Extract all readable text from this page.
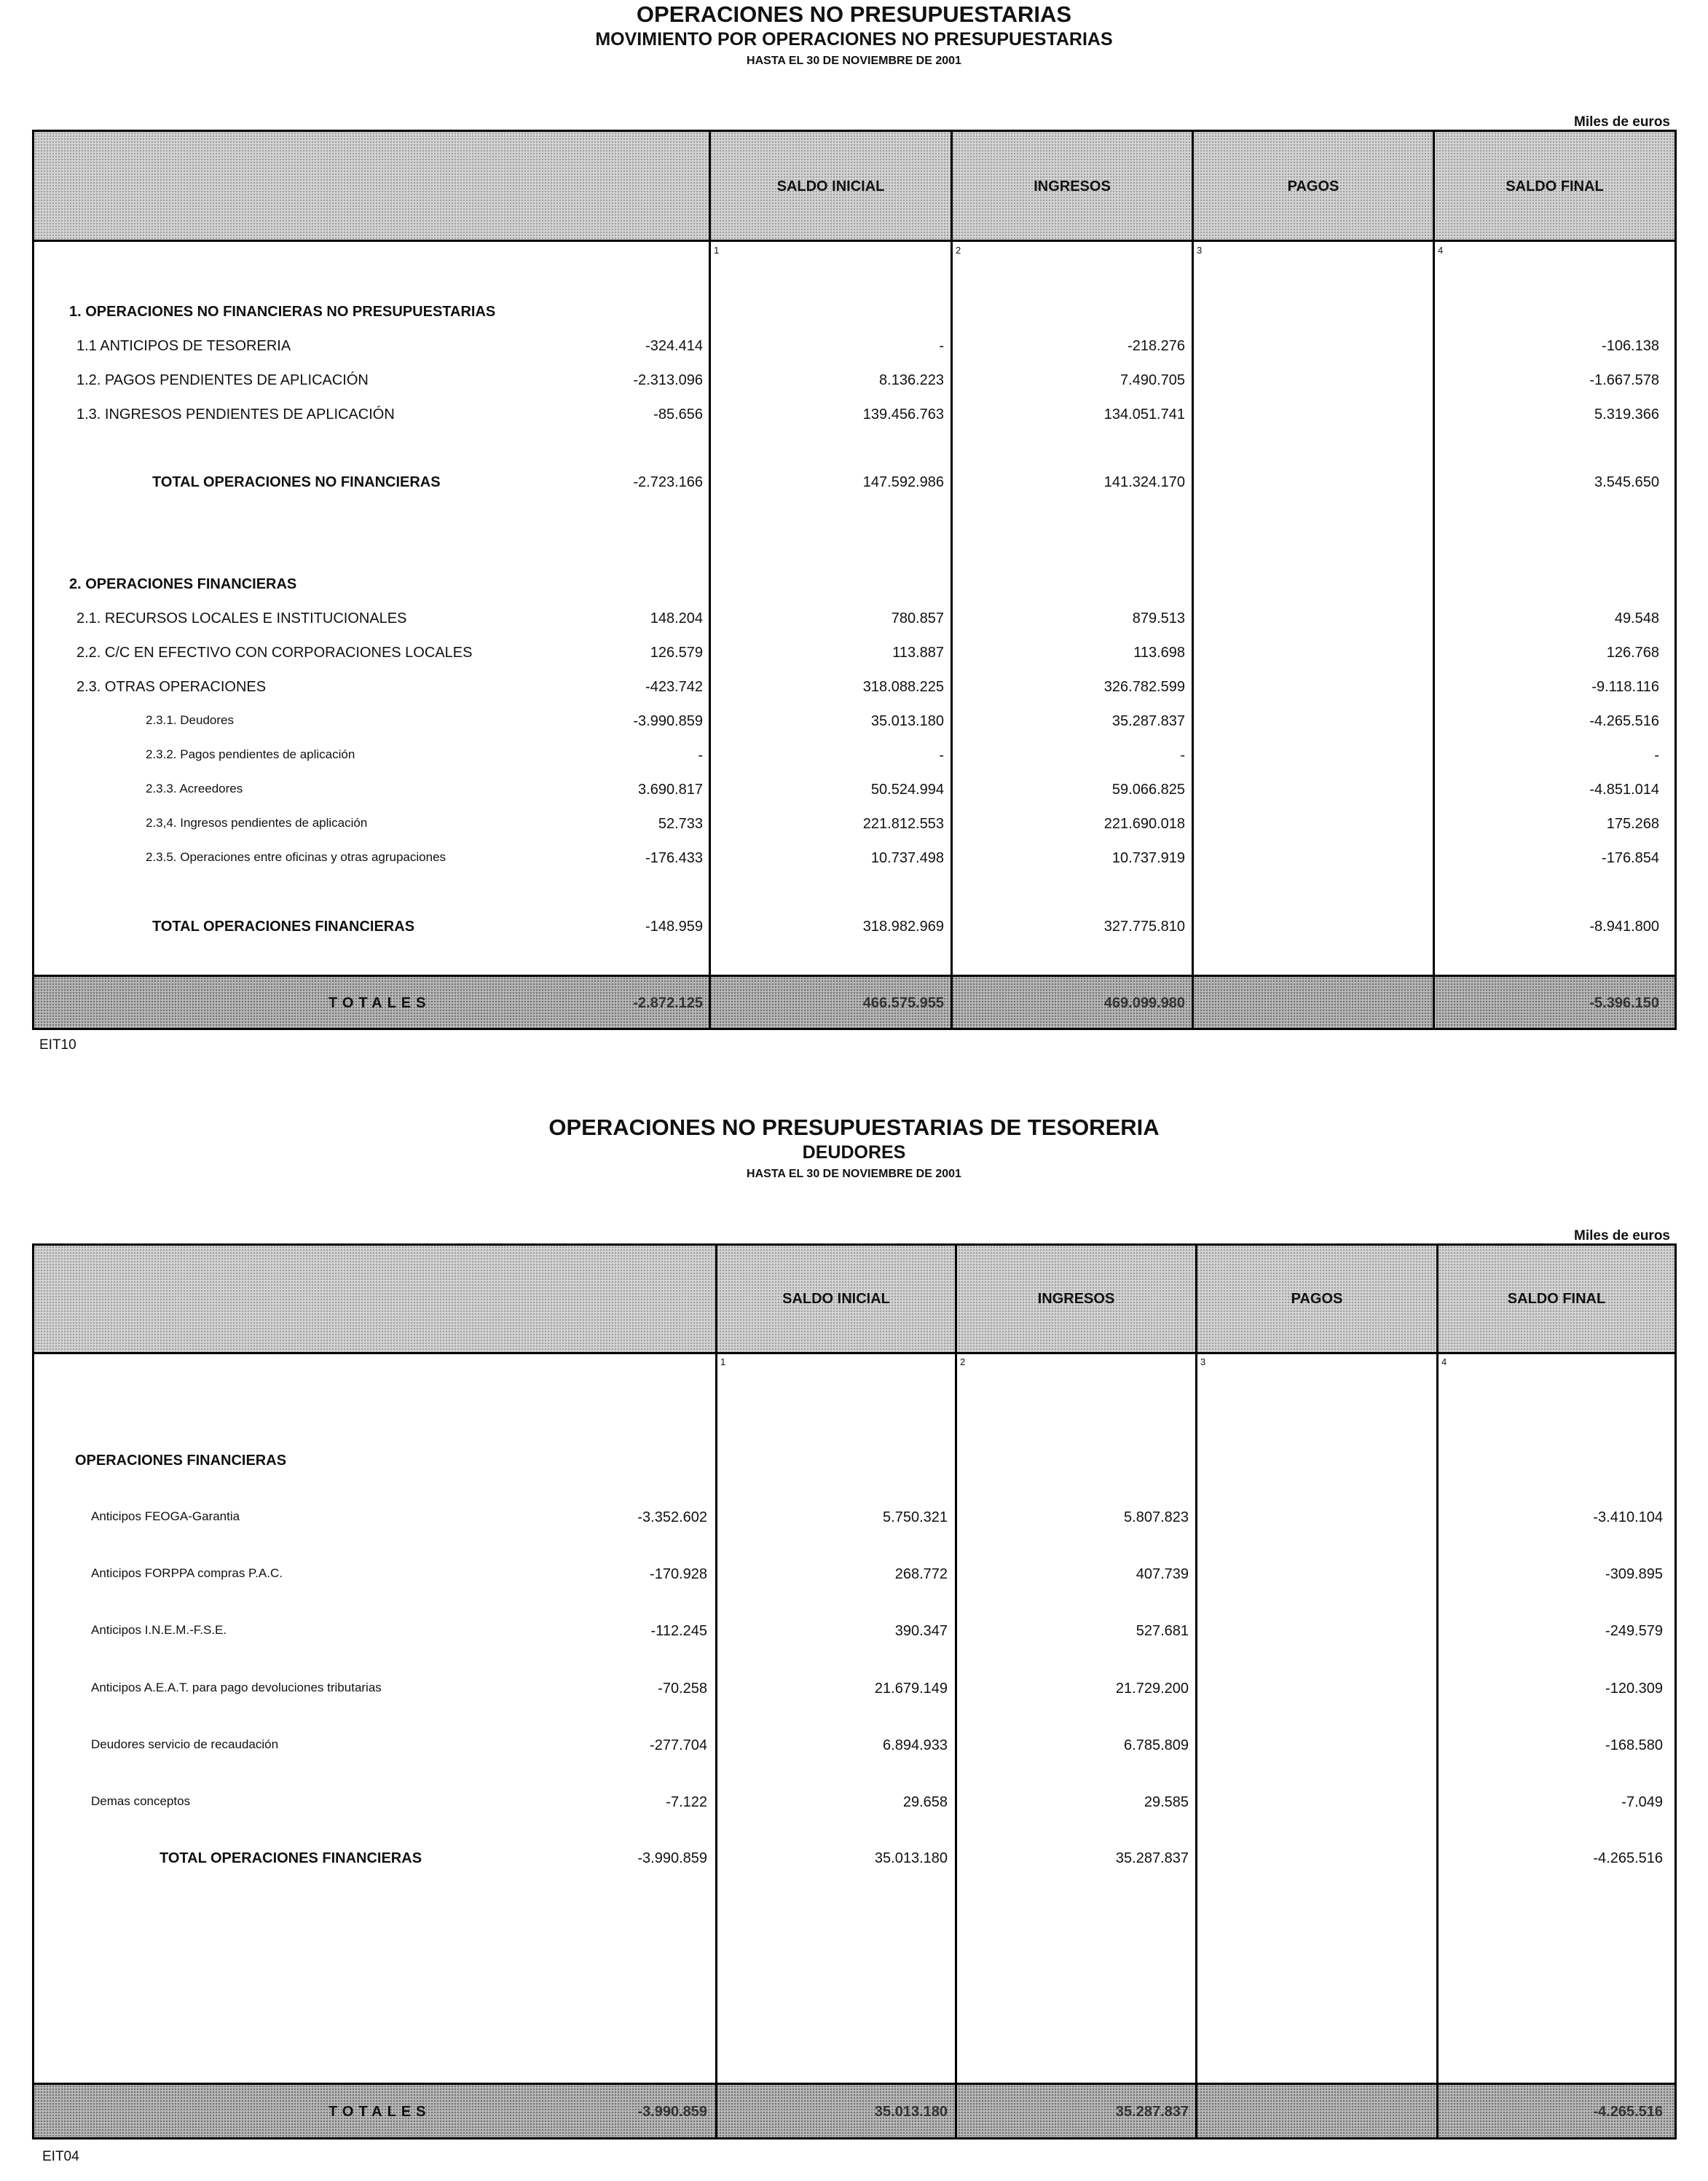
OPERACIONES NO PRESUPUESTARIAS
MOVIMIENTO POR OPERACIONES NO PRESUPUESTARIAS
HASTA EL 30 DE NOVIEMBRE DE 2001
Miles de euros
SALDO INICIAL	INGRESOS	PAGOS	SALDO FINAL
1	2	3	4
1. OPERACIONES NO FINANCIERAS NO PRESUPUESTARIAS
1.1 ANTICIPOS DE TESORERIA	-324.414	-	-218.276	-106.138
1.2. PAGOS PENDIENTES DE APLICACIÓN	-2.313.096	8.136.223	7.490.705	-1.667.578
1.3. INGRESOS PENDIENTES DE APLICACIÓN	-85.656	139.456.763	134.051.741	5.319.366
TOTAL OPERACIONES NO FINANCIERAS	-2.723.166	147.592.986	141.324.170	3.545.650
2. OPERACIONES FINANCIERAS
2.1. RECURSOS LOCALES E INSTITUCIONALES	148.204	780.857	879.513	49.548
2.2. C/C EN EFECTIVO CON CORPORACIONES LOCALES	126.579	113.887	113.698	126.768
2.3. OTRAS OPERACIONES	-423.742	318.088.225	326.782.599	-9.118.116
2.3.1. Deudores	-3.990.859	35.013.180	35.287.837	-4.265.516
2.3.2. Pagos pendientes de aplicación	-	-	-	-
2.3.3. Acreedores	3.690.817	50.524.994	59.066.825	-4.851.014
2.3,4. Ingresos pendientes de aplicación	52.733	221.812.553	221.690.018	175.268
2.3.5. Operaciones entre oficinas y otras agrupaciones	-176.433	10.737.498	10.737.919	-176.854
TOTAL OPERACIONES FINANCIERAS	-148.959	318.982.969	327.775.810	-8.941.800
TOTALES	-2.872.125	466.575.955	469.099.980	-5.396.150
EIT10
OPERACIONES NO PRESUPUESTARIAS DE TESORERIA
DEUDORES
HASTA EL 30 DE NOVIEMBRE DE 2001
Miles de euros
SALDO INICIAL	INGRESOS	PAGOS	SALDO FINAL
1	2	3	4
OPERACIONES FINANCIERAS
Anticipos FEOGA-Garantia	-3.352.602	5.750.321	5.807.823	-3.410.104
Anticipos FORPPA compras P.A.C.	-170.928	268.772	407.739	-309.895
Anticipos I.N.E.M.-F.S.E.	-112.245	390.347	527.681	-249.579
Anticipos A.E.A.T. para pago devoluciones tributarias	-70.258	21.679.149	21.729.200	-120.309
Deudores servicio de recaudación	-277.704	6.894.933	6.785.809	-168.580
Demas conceptos	-7.122	29.658	29.585	-7.049
TOTAL OPERACIONES FINANCIERAS	-3.990.859	35.013.180	35.287.837	-4.265.516
TOTALES	-3.990.859	35.013.180	35.287.837	-4.265.516
EIT04
